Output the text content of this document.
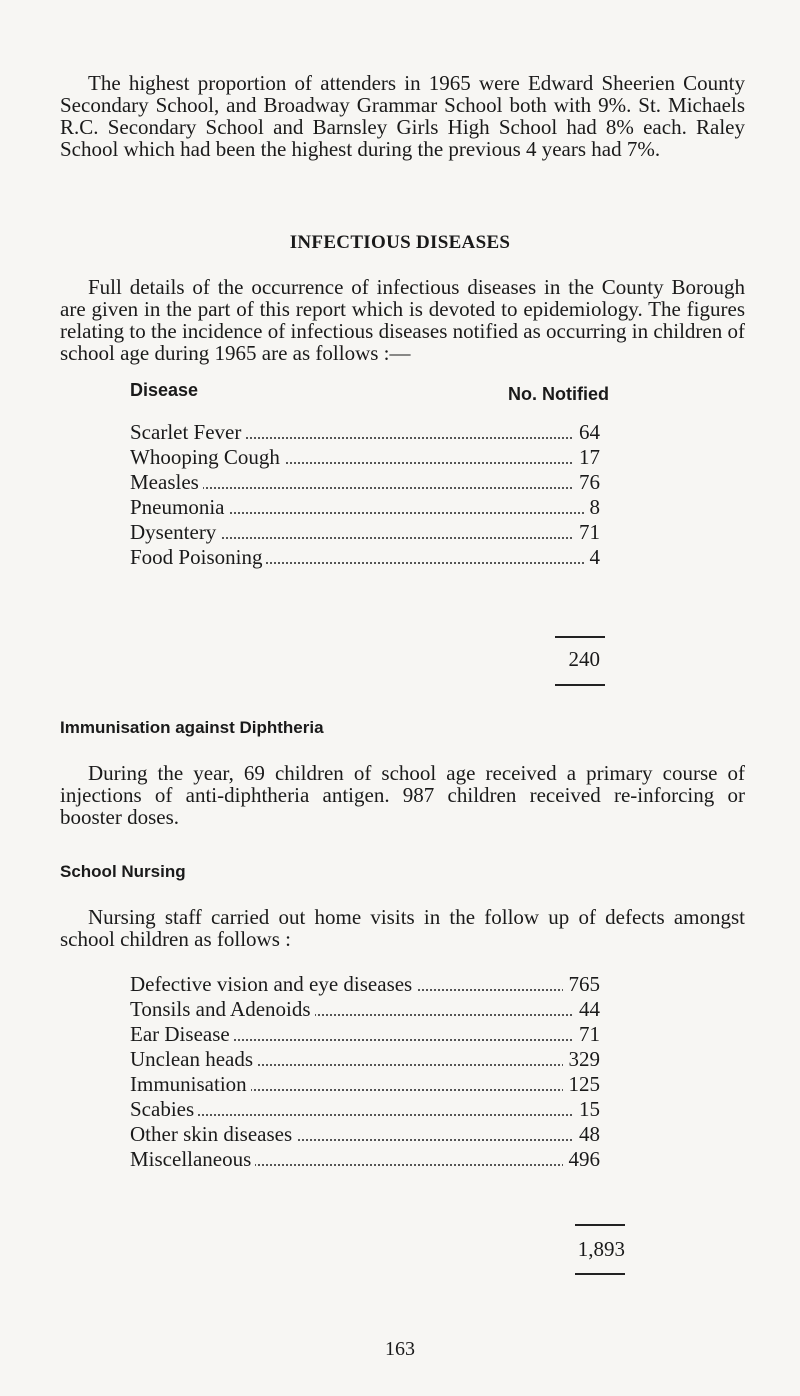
The highest proportion of attenders in 1965 were Edward Sheerien County Secondary School, and Broadway Grammar School both with 9%. St. Michaels R.C. Secondary School and Barnsley Girls High School had 8% each. Raley School which had been the highest during the previous 4 years had 7%.

INFECTIOUS DISEASES

Full details of the occurrence of infectious diseases in the County Borough are given in the part of this report which is devoted to epidemiology. The figures relating to the incidence of infectious diseases notified as occurring in children of school age during 1965 are as follows :—

Disease	No. Notified
Scarlet Fever	64
Whooping Cough	17
Measles	76
Pneumonia	8
Dysentery	71
Food Poisoning	4
240
Immunisation against Diphtheria

During the year, 69 children of school age received a primary course of injections of anti-diphtheria antigen. 987 children received re-inforcing or booster doses.

School Nursing

Nursing staff carried out home visits in the follow up of defects amongst school children as follows :

Defective vision and eye diseases	765
Tonsils and Adenoids	44
Ear Disease	71
Unclean heads	329
Immunisation	125
Scabies	15
Other skin diseases	48
Miscellaneous	496
1,893
163
